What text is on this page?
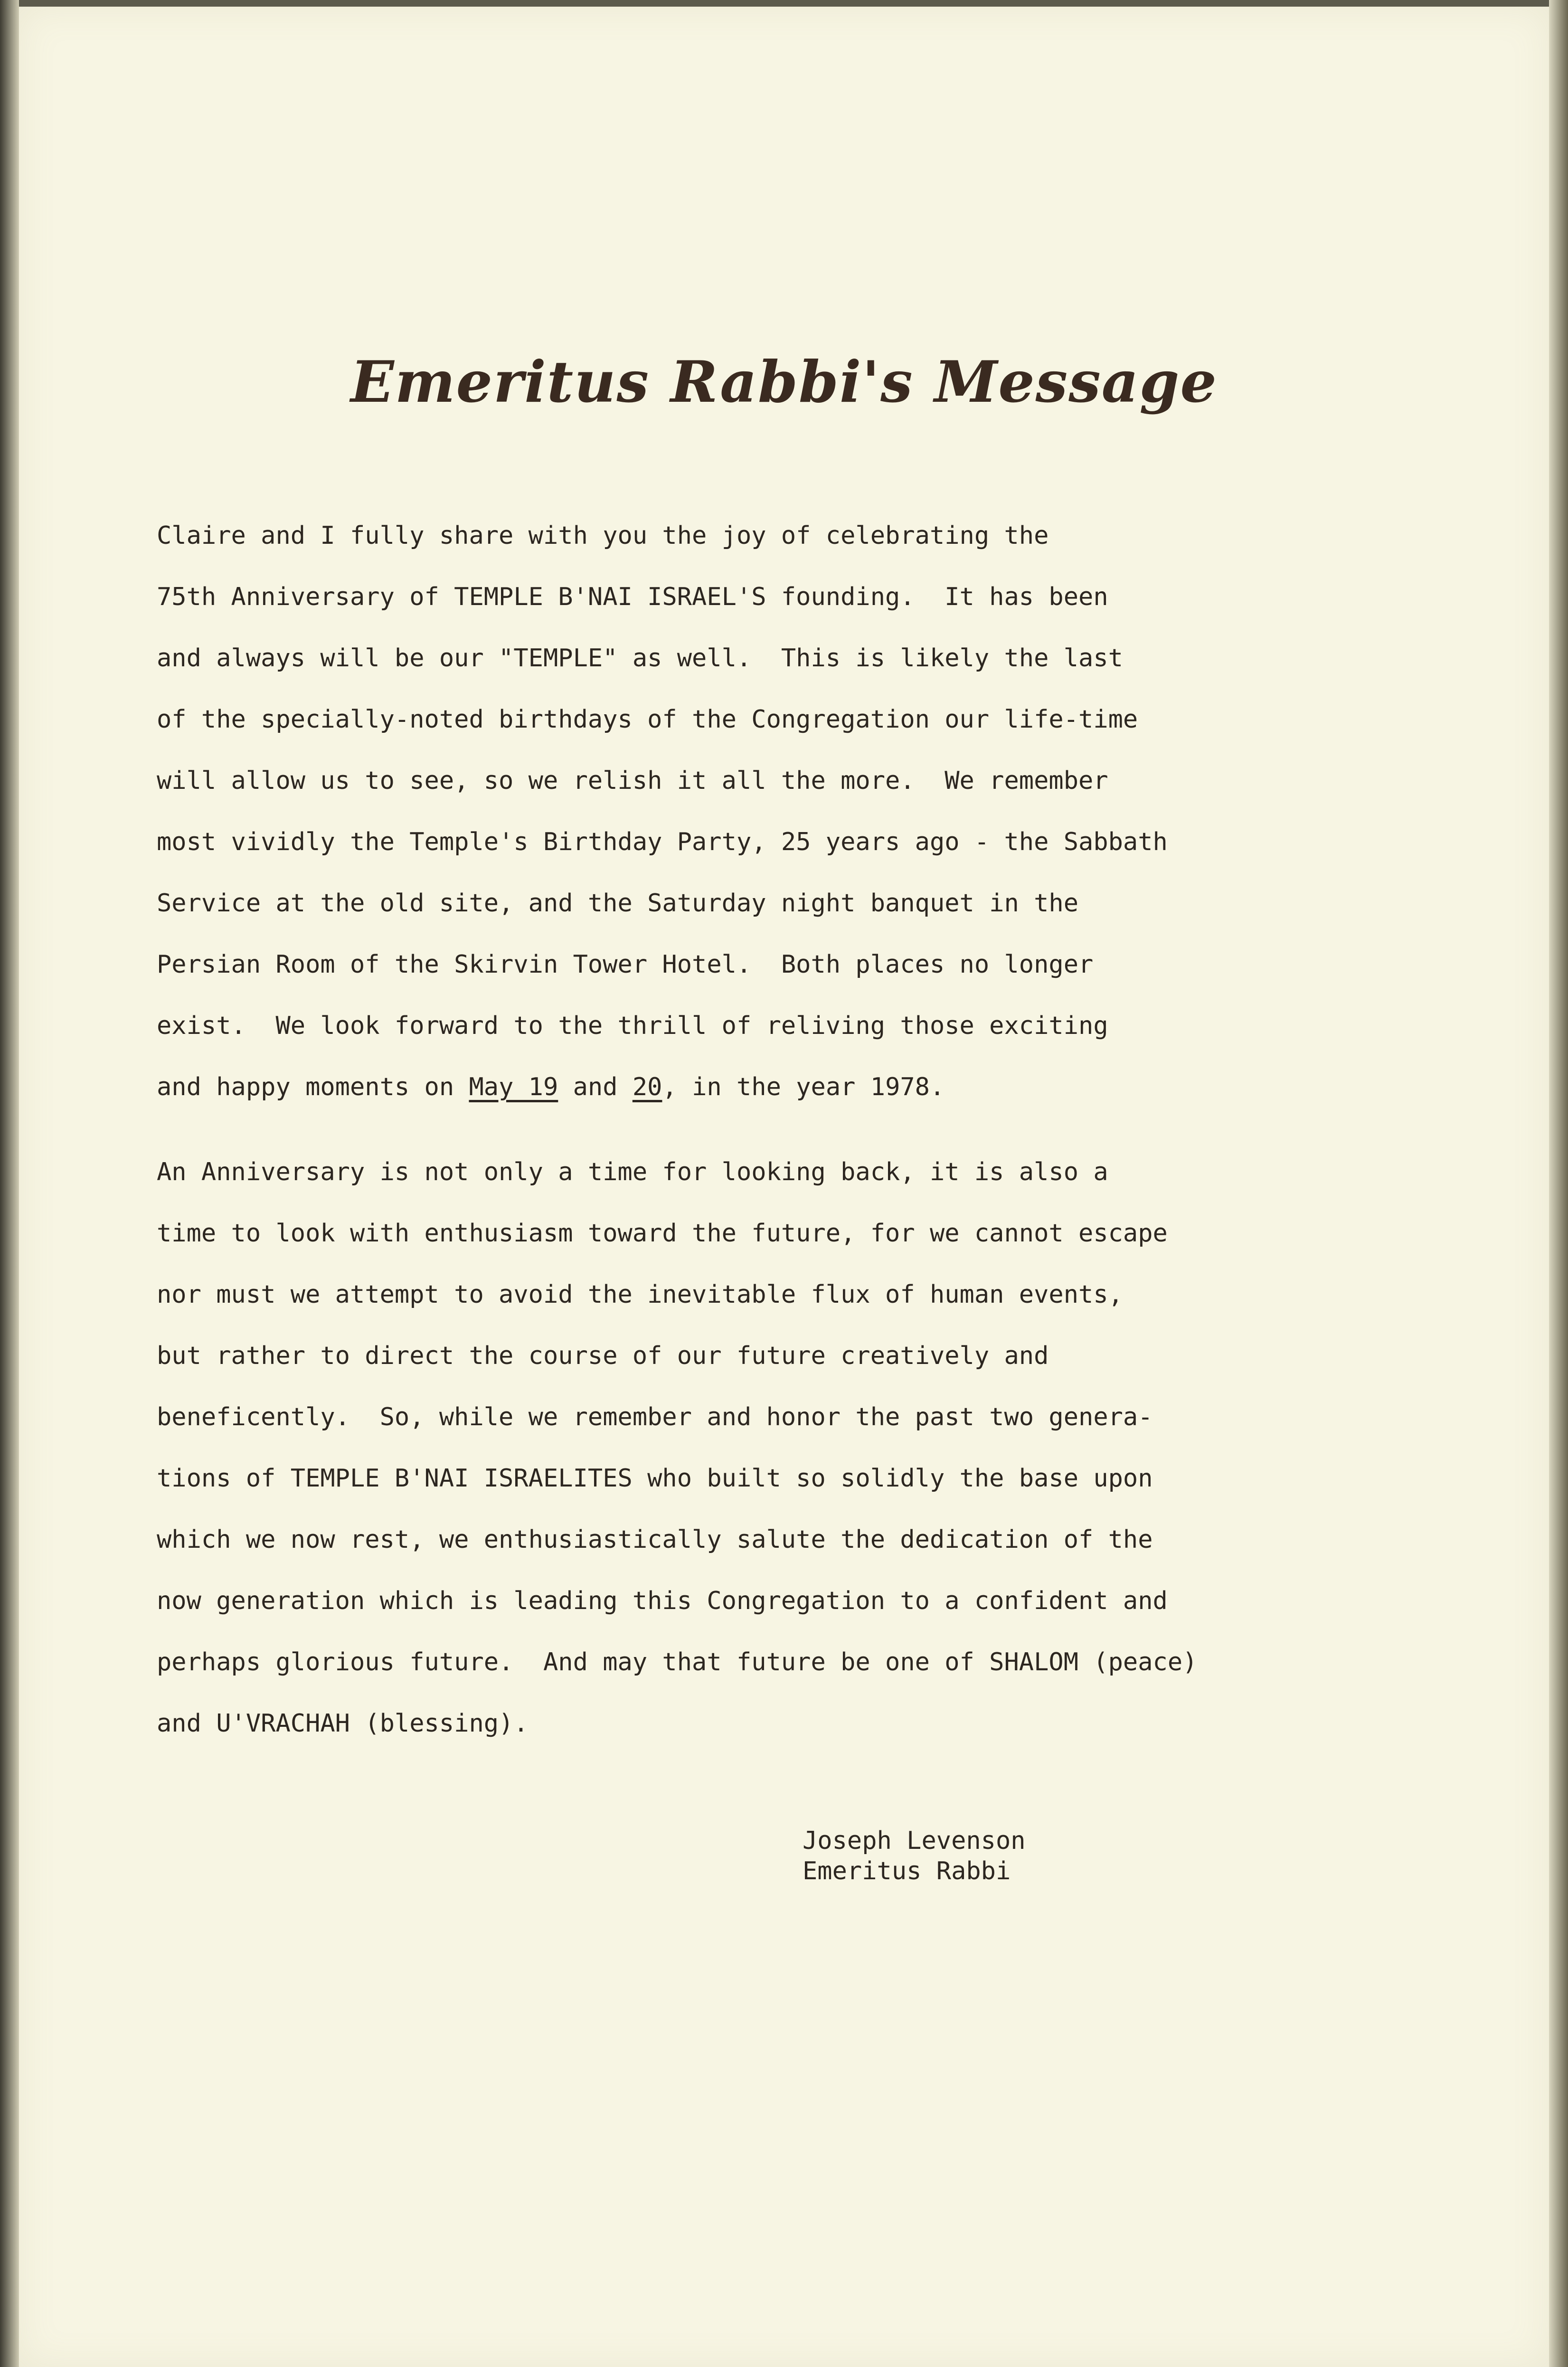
Emeritus Rabbi's Message
Claire and I fully share with you the joy of celebrating the
75th Anniversary of TEMPLE B'NAI ISRAEL'S founding.  It has been
and always will be our "TEMPLE" as well.  This is likely the last
of the specially-noted birthdays of the Congregation our life-time
will allow us to see, so we relish it all the more.  We remember
most vividly the Temple's Birthday Party, 25 years ago - the Sabbath
Service at the old site, and the Saturday night banquet in the
Persian Room of the Skirvin Tower Hotel.  Both places no longer
exist.  We look forward to the thrill of reliving those exciting
and happy moments on May 19 and 20, in the year 1978.
An Anniversary is not only a time for looking back, it is also a
time to look with enthusiasm toward the future, for we cannot escape
nor must we attempt to avoid the inevitable flux of human events,
but rather to direct the course of our future creatively and
beneficently.  So, while we remember and honor the past two genera-
tions of TEMPLE B'NAI ISRAELITES who built so solidly the base upon
which we now rest, we enthusiastically salute the dedication of the
now generation which is leading this Congregation to a confident and
perhaps glorious future.  And may that future be one of SHALOM (peace)
and U'VRACHAH (blessing).
Joseph Levenson
Emeritus Rabbi
